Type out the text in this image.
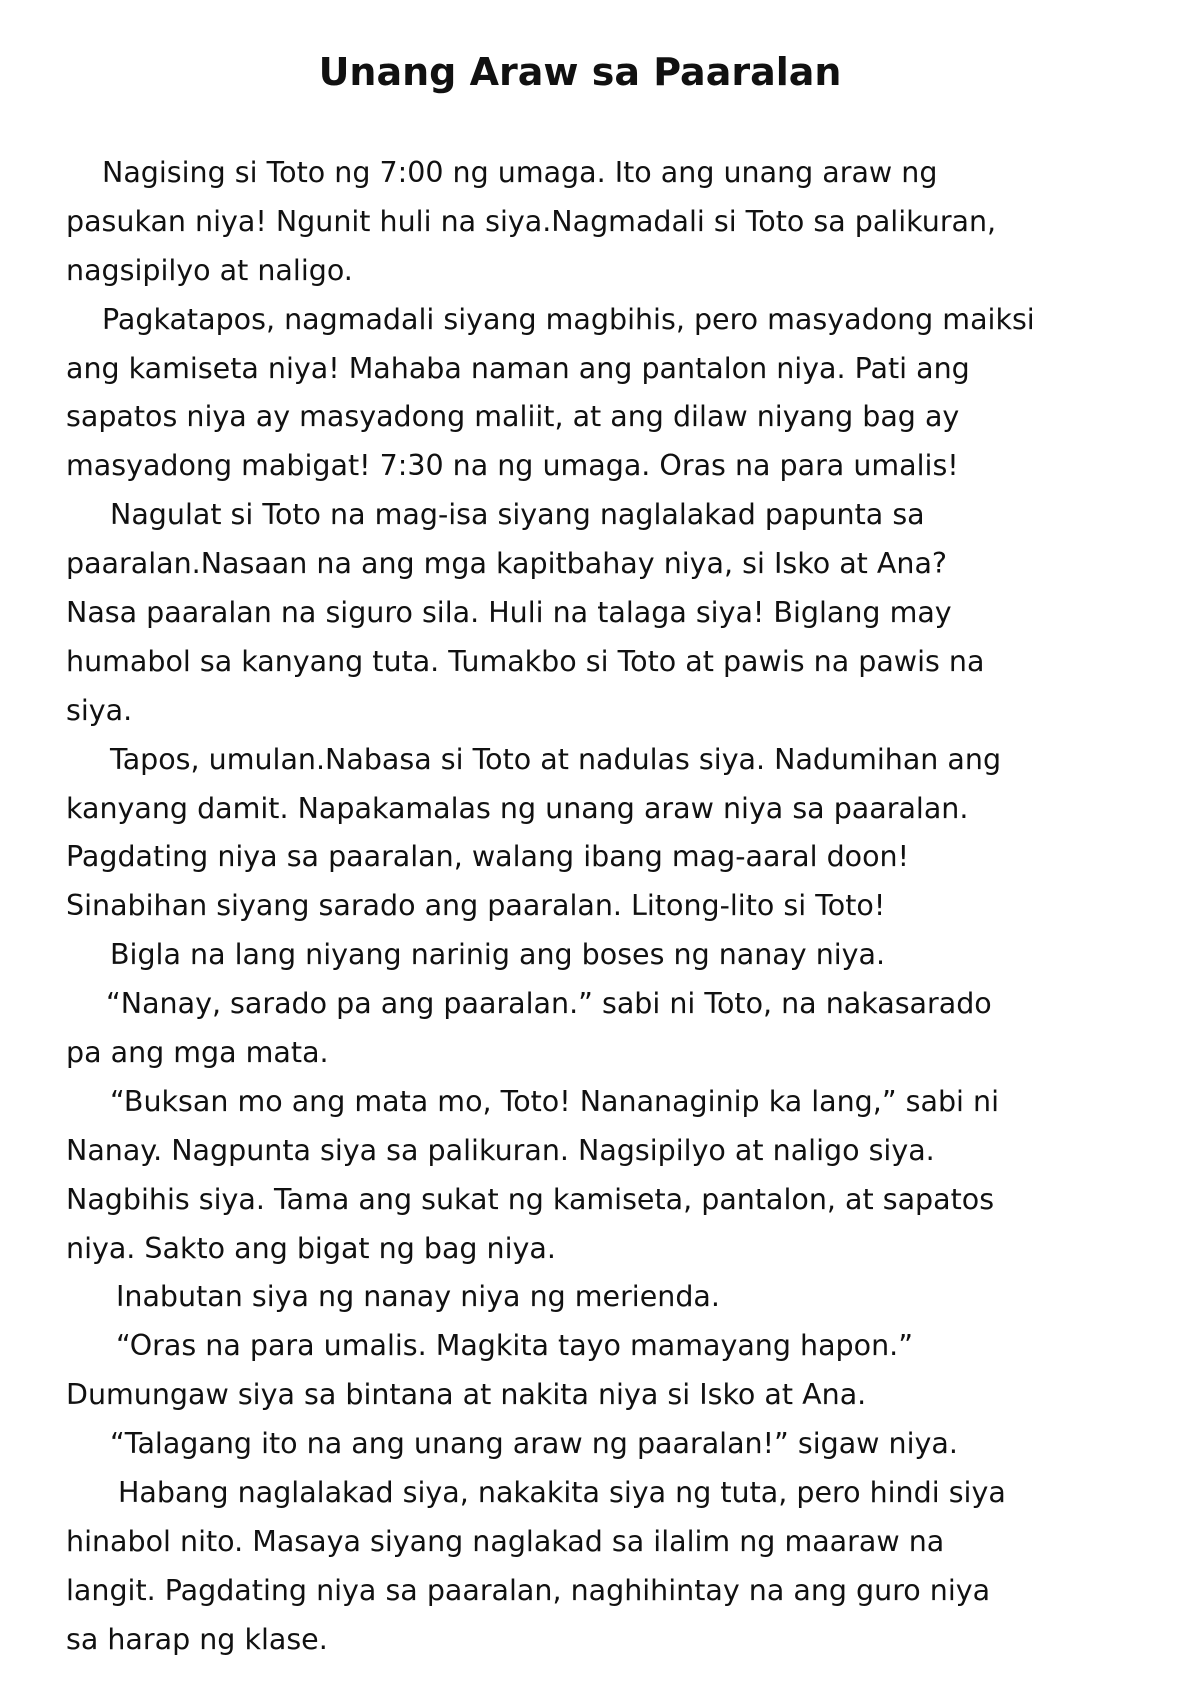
Unang Araw sa Paaralan
Nagising si Toto ng 7:00 ng umaga. Ito ang unang araw ng
pasukan niya! Ngunit huli na siya.Nagmadali si Toto sa palikuran,
nagsipilyo at naligo.
Pagkatapos, nagmadali siyang magbihis, pero masyadong maiksi
ang kamiseta niya! Mahaba naman ang pantalon niya. Pati ang
sapatos niya ay masyadong maliit, at ang dilaw niyang bag ay
masyadong mabigat! 7:30 na ng umaga. Oras na para umalis!
Nagulat si Toto na mag-isa siyang naglalakad papunta sa
paaralan.Nasaan na ang mga kapitbahay niya, si Isko at Ana?
Nasa paaralan na siguro sila. Huli na talaga siya! Biglang may
humabol sa kanyang tuta. Tumakbo si Toto at pawis na pawis na
siya.
Tapos, umulan.Nabasa si Toto at nadulas siya. Nadumihan ang
kanyang damit. Napakamalas ng unang araw niya sa paaralan.
Pagdating niya sa paaralan, walang ibang mag-aaral doon!
Sinabihan siyang sarado ang paaralan. Litong-lito si Toto!
Bigla na lang niyang narinig ang boses ng nanay niya.
“Nanay, sarado pa ang paaralan.” sabi ni Toto, na nakasarado
pa ang mga mata.
“Buksan mo ang mata mo, Toto! Nananaginip ka lang,” sabi ni
Nanay. Nagpunta siya sa palikuran. Nagsipilyo at naligo siya.
Nagbihis siya. Tama ang sukat ng kamiseta, pantalon, at sapatos
niya. Sakto ang bigat ng bag niya.
Inabutan siya ng nanay niya ng merienda.
“Oras na para umalis. Magkita tayo mamayang hapon.”
Dumungaw siya sa bintana at nakita niya si Isko at Ana.
“Talagang ito na ang unang araw ng paaralan!” sigaw niya.
Habang naglalakad siya, nakakita siya ng tuta, pero hindi siya
hinabol nito. Masaya siyang naglakad sa ilalim ng maaraw na
langit. Pagdating niya sa paaralan, naghihintay na ang guro niya
sa harap ng klase.
